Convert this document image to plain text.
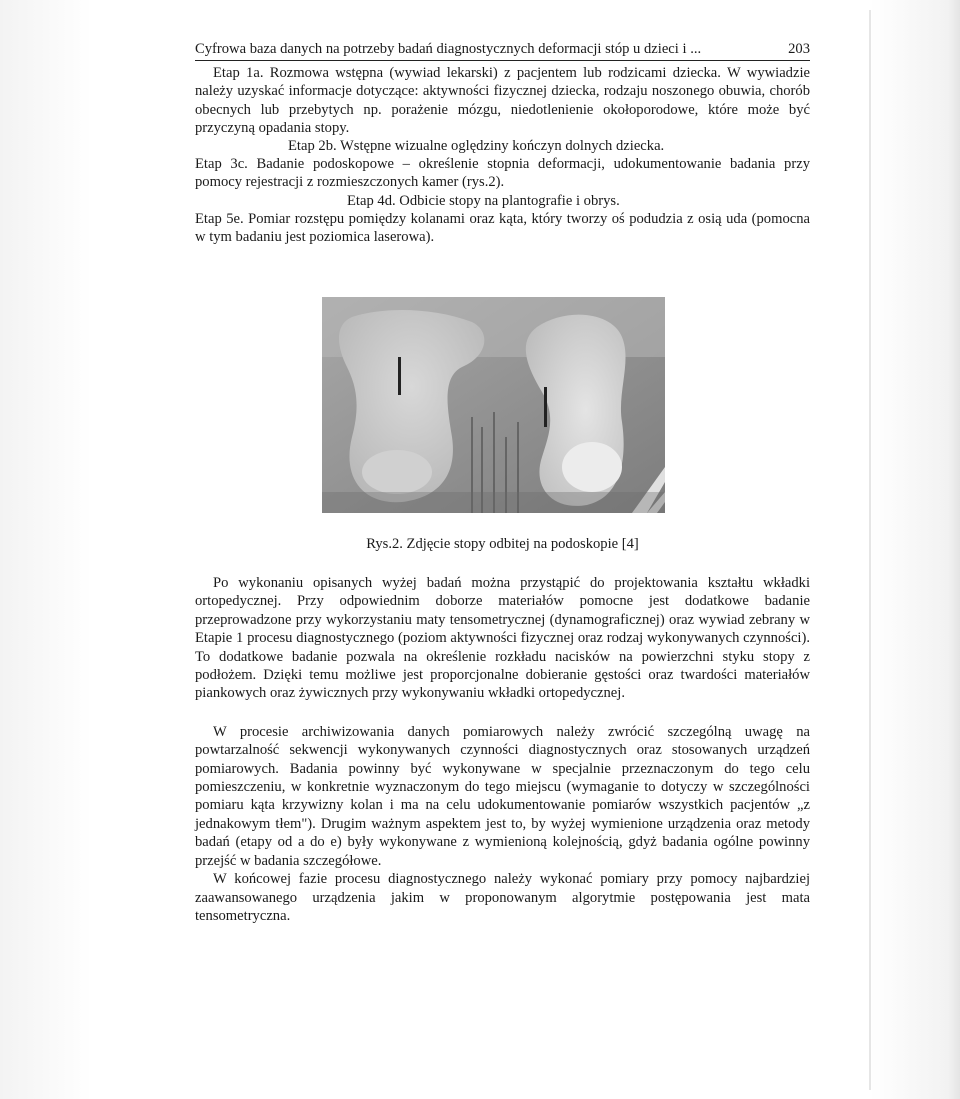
Cyfrowa baza danych na potrzeby badań diagnostycznych deformacji stóp u dzieci i ...	203

Etap 1a. Rozmowa wstępna (wywiad lekarski) z pacjentem lub rodzicami dziecka. W wywiadzie należy uzyskać informacje dotyczące: aktywności fizycznej dziecka, rodzaju noszonego obuwia, chorób obecnych lub przebytych np. porażenie mózgu, niedotlenienie okołoporodowe, które może być przyczyną opadania stopy.

Etap 2b. Wstępne wizualne oględziny kończyn dolnych dziecka.

Etap 3c. Badanie podoskopowe – określenie stopnia deformacji, udokumentowanie badania przy pomocy rejestracji z rozmieszczonych kamer (rys.2).

Etap 4d. Odbicie stopy na plantografie i obrys.

Etap 5e. Pomiar rozstępu pomiędzy kolanami oraz kąta, który tworzy oś podudzia z osią uda (pomocna w tym badaniu jest poziomica laserowa).

Rys.2. Zdjęcie stopy odbitej na podoskopie [4]

Po wykonaniu opisanych wyżej badań można przystąpić do projektowania kształtu wkładki ortopedycznej. Przy odpowiednim doborze materiałów pomocne jest dodatkowe badanie przeprowadzone przy wykorzystaniu maty tensometrycznej (dynamograficznej) oraz wywiad zebrany w Etapie 1 procesu diagnostycznego (poziom aktywności fizycznej oraz rodzaj wykonywanych czynności). To dodatkowe badanie pozwala na określenie rozkładu nacisków na powierzchni styku stopy z podłożem. Dzięki temu możliwe jest proporcjonalne dobieranie gęstości oraz twardości materiałów piankowych oraz żywicznych przy wykonywaniu wkładki ortopedycznej.

W procesie archiwizowania danych pomiarowych należy zwrócić szczególną uwagę na powtarzalność sekwencji wykonywanych czynności diagnostycznych oraz stosowanych urządzeń pomiarowych. Badania powinny być wykonywane w specjalnie przeznaczonym do tego celu pomieszczeniu, w konkretnie wyznaczonym do tego miejscu (wymaganie to dotyczy w szczególności pomiaru kąta krzywizny kolan i ma na celu udokumentowanie pomiarów wszystkich pacjentów „z jednakowym tłem"). Drugim ważnym aspektem jest to, by wyżej wymienione urządzenia oraz metody badań (etapy od a do e) były wykonywane z wymienioną kolejnością, gdyż badania ogólne powinny przejść w badania szczegółowe.

W końcowej fazie procesu diagnostycznego należy wykonać pomiary przy pomocy najbardziej zaawansowanego urządzenia jakim w proponowanym algorytmie postępowania jest mata tensometryczna.
